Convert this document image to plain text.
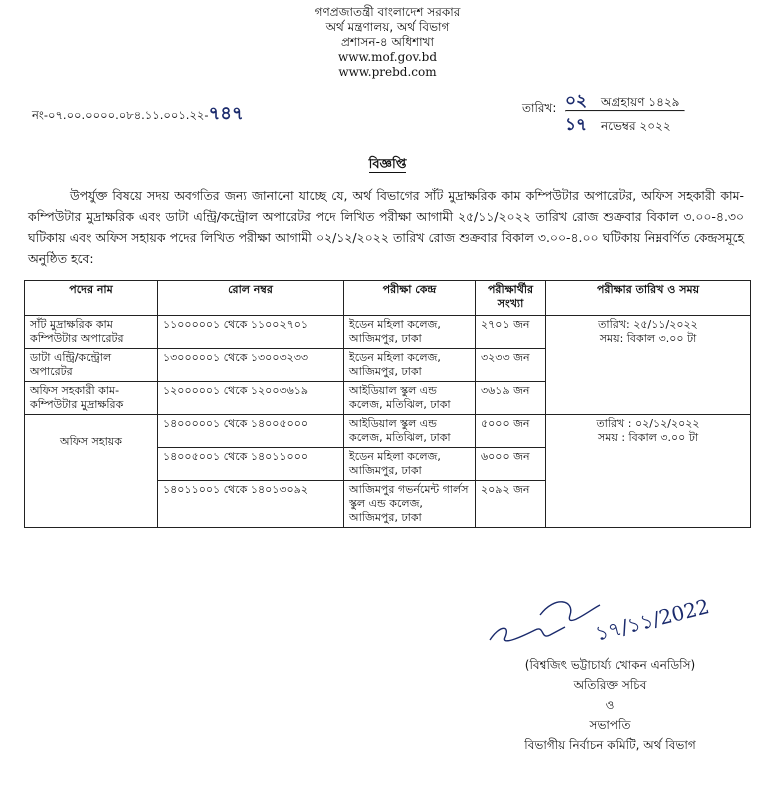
গণপ্রজাতন্ত্রী বাংলাদেশ সরকার
অর্থ মন্ত্রণালয়, অর্থ বিভাগ
প্রশাসন-৪ অধিশাখা
www.mof.gov.bd
www.prebd.com
নং-০৭.০০.০০০০.০৮৪.১১.০০১.২২-৭৪৭	তারিখ: ০২	অগ্রহায়ণ ১৪২৯
১৭	নভেম্বর ২০২২
বিজ্ঞপ্তি
উপর্যুক্ত বিষয়ে সদয় অবগতির জন্য জানানো যাচ্ছে যে, অর্থ বিভাগের সাঁট মুদ্রাক্ষরিক কাম কম্পিউটার অপারেটর, অফিস সহকারী কাম-কম্পিউটার মুদ্রাক্ষরিক এবং ডাটা এন্ট্রি/কন্ট্রোল অপারেটর পদে লিখিত পরীক্ষা আগামী ২৫/১১/২০২২ তারিখ রোজ শুক্রবার বিকাল ৩.০০-৪.৩০ ঘটিকায় এবং অফিস সহায়ক পদের লিখিত পরীক্ষা আগামী ০২/১২/২০২২ তারিখ রোজ শুক্রবার বিকাল ৩.০০-৪.০০ ঘটিকায় নিম্নবর্ণিত কেন্দ্রসমূহে অনুষ্ঠিত হবে:
পদের নাম	রোল নম্বর	পরীক্ষা কেন্দ্র	পরীক্ষার্থীর সংখ্যা	পরীক্ষার তারিখ ও সময়
সাঁট মুদ্রাক্ষরিক কাম কম্পিউটার অপারেটর	১১০০০০০১ থেকে ১১০০২৭০১	ইডেন মহিলা কলেজ, আজিমপুর, ঢাকা	২৭০১ জন	তারিখ: ২৫/১১/২০২২
সময়: বিকাল ৩.০০ টা

ডাটা এন্ট্রি/কন্ট্রোল অপারেটর	১৩০০০০০১ থেকে ১৩০০৩২৩৩	ইডেন মহিলা কলেজ, আজিমপুর, ঢাকা	৩২৩৩ জন	
অফিস সহকারী কাম-কম্পিউটার মুদ্রাক্ষরিক	১২০০০০০১ থেকে ১২০০৩৬১৯	আইডিয়াল স্কুল এন্ড কলেজ, মতিঝিল, ঢাকা	৩৬১৯ জন	
অফিস সহায়ক	১৪০০০০০১ থেকে ১৪০০৫০০০	আইডিয়াল স্কুল এন্ড কলেজ, মতিঝিল, ঢাকা	৫০০০ জন	তারিখ : ০২/১২/২০২২
সময় : বিকাল ৩.০০ টা

	১৪০০৫০০১ থেকে ১৪০১১০০০	ইডেন মহিলা কলেজ, আজিমপুর, ঢাকা	৬০০০ জন	
	১৪০১১০০১ থেকে ১৪০১৩০৯২	আজিমপুর গভর্নমেন্ট গার্লস স্কুল এন্ড কলেজ, আজিমপুর, ঢাকা	২০৯২ জন	
১৭/১১/2022
(বিশ্বজিৎ ভট্টাচার্য্য খোকন এনডিসি)
অতিরিক্ত সচিব
ও
সভাপতি
বিভাগীয় নির্বাচন কমিটি, অর্থ বিভাগ
